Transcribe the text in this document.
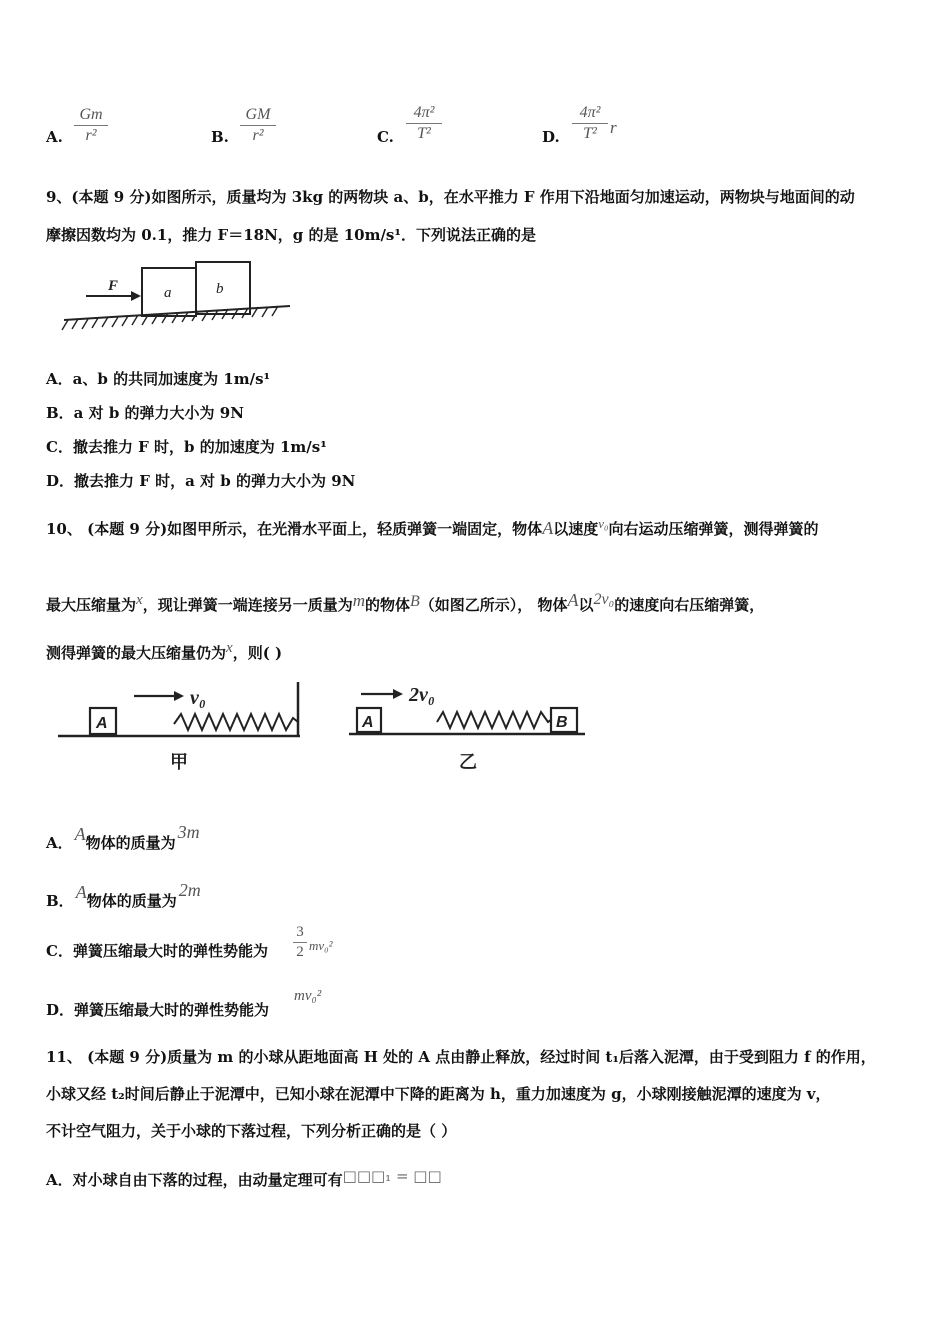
A.
Gm
r²	B.
GM
r²	C.
4π²
T²	D.
4π²
T² r
9、(本题 9 分)如图所示，质量均为 3kg 的两物块 a、b，在水平推力 F 作用下沿地面匀加速运动，两物块与地面间的动
摩擦因数均为 0.1，推力 F＝18N，g 的是 10m/s¹．下列说法正确的是
F	a	b
A．a、b 的共同加速度为 1m/s¹
B．a 对 b 的弹力大小为 9N
C．撤去推力 F 时，b 的加速度为 1m/s¹
D．撤去推力 F 时，a 对 b 的弹力大小为 9N
10、 (本题 9 分)如图甲所示，在光滑水平面上，轻质弹簧一端固定，物体A以速度v₀向右运动压缩弹簧，测得弹簧的
最大压缩量为x，现让弹簧一端连接另一质量为m的物体B（如图乙所示）， 物体A以2v₀的速度向右压缩弹簧，
测得弹簧的最大压缩量仍为x，则( )
A
v₀
甲
A	B
2v₀
乙
A． A物体的质量为3m
B． A物体的质量为2m
C．弹簧压缩最大时的弹性势能为
3
2 mv₀²
D．弹簧压缩最大时的弹性势能为
mv₀²
11、 (本题 9 分)质量为 m 的小球从距地面高 H 处的 A 点由静止释放，经过时间 t₁后落入泥潭，由于受到阻力 f 的作用，
小球又经 t₂时间后静止于泥潭中，已知小球在泥潭中下降的距离为 h，重力加速度为 g，小球刚接触泥潭的速度为 v，
不计空气阻力，关于小球的下落过程，下列分析正确的是（ ）
A．对小球自由下落的过程，由动量定理可有□□□₁ = □□
